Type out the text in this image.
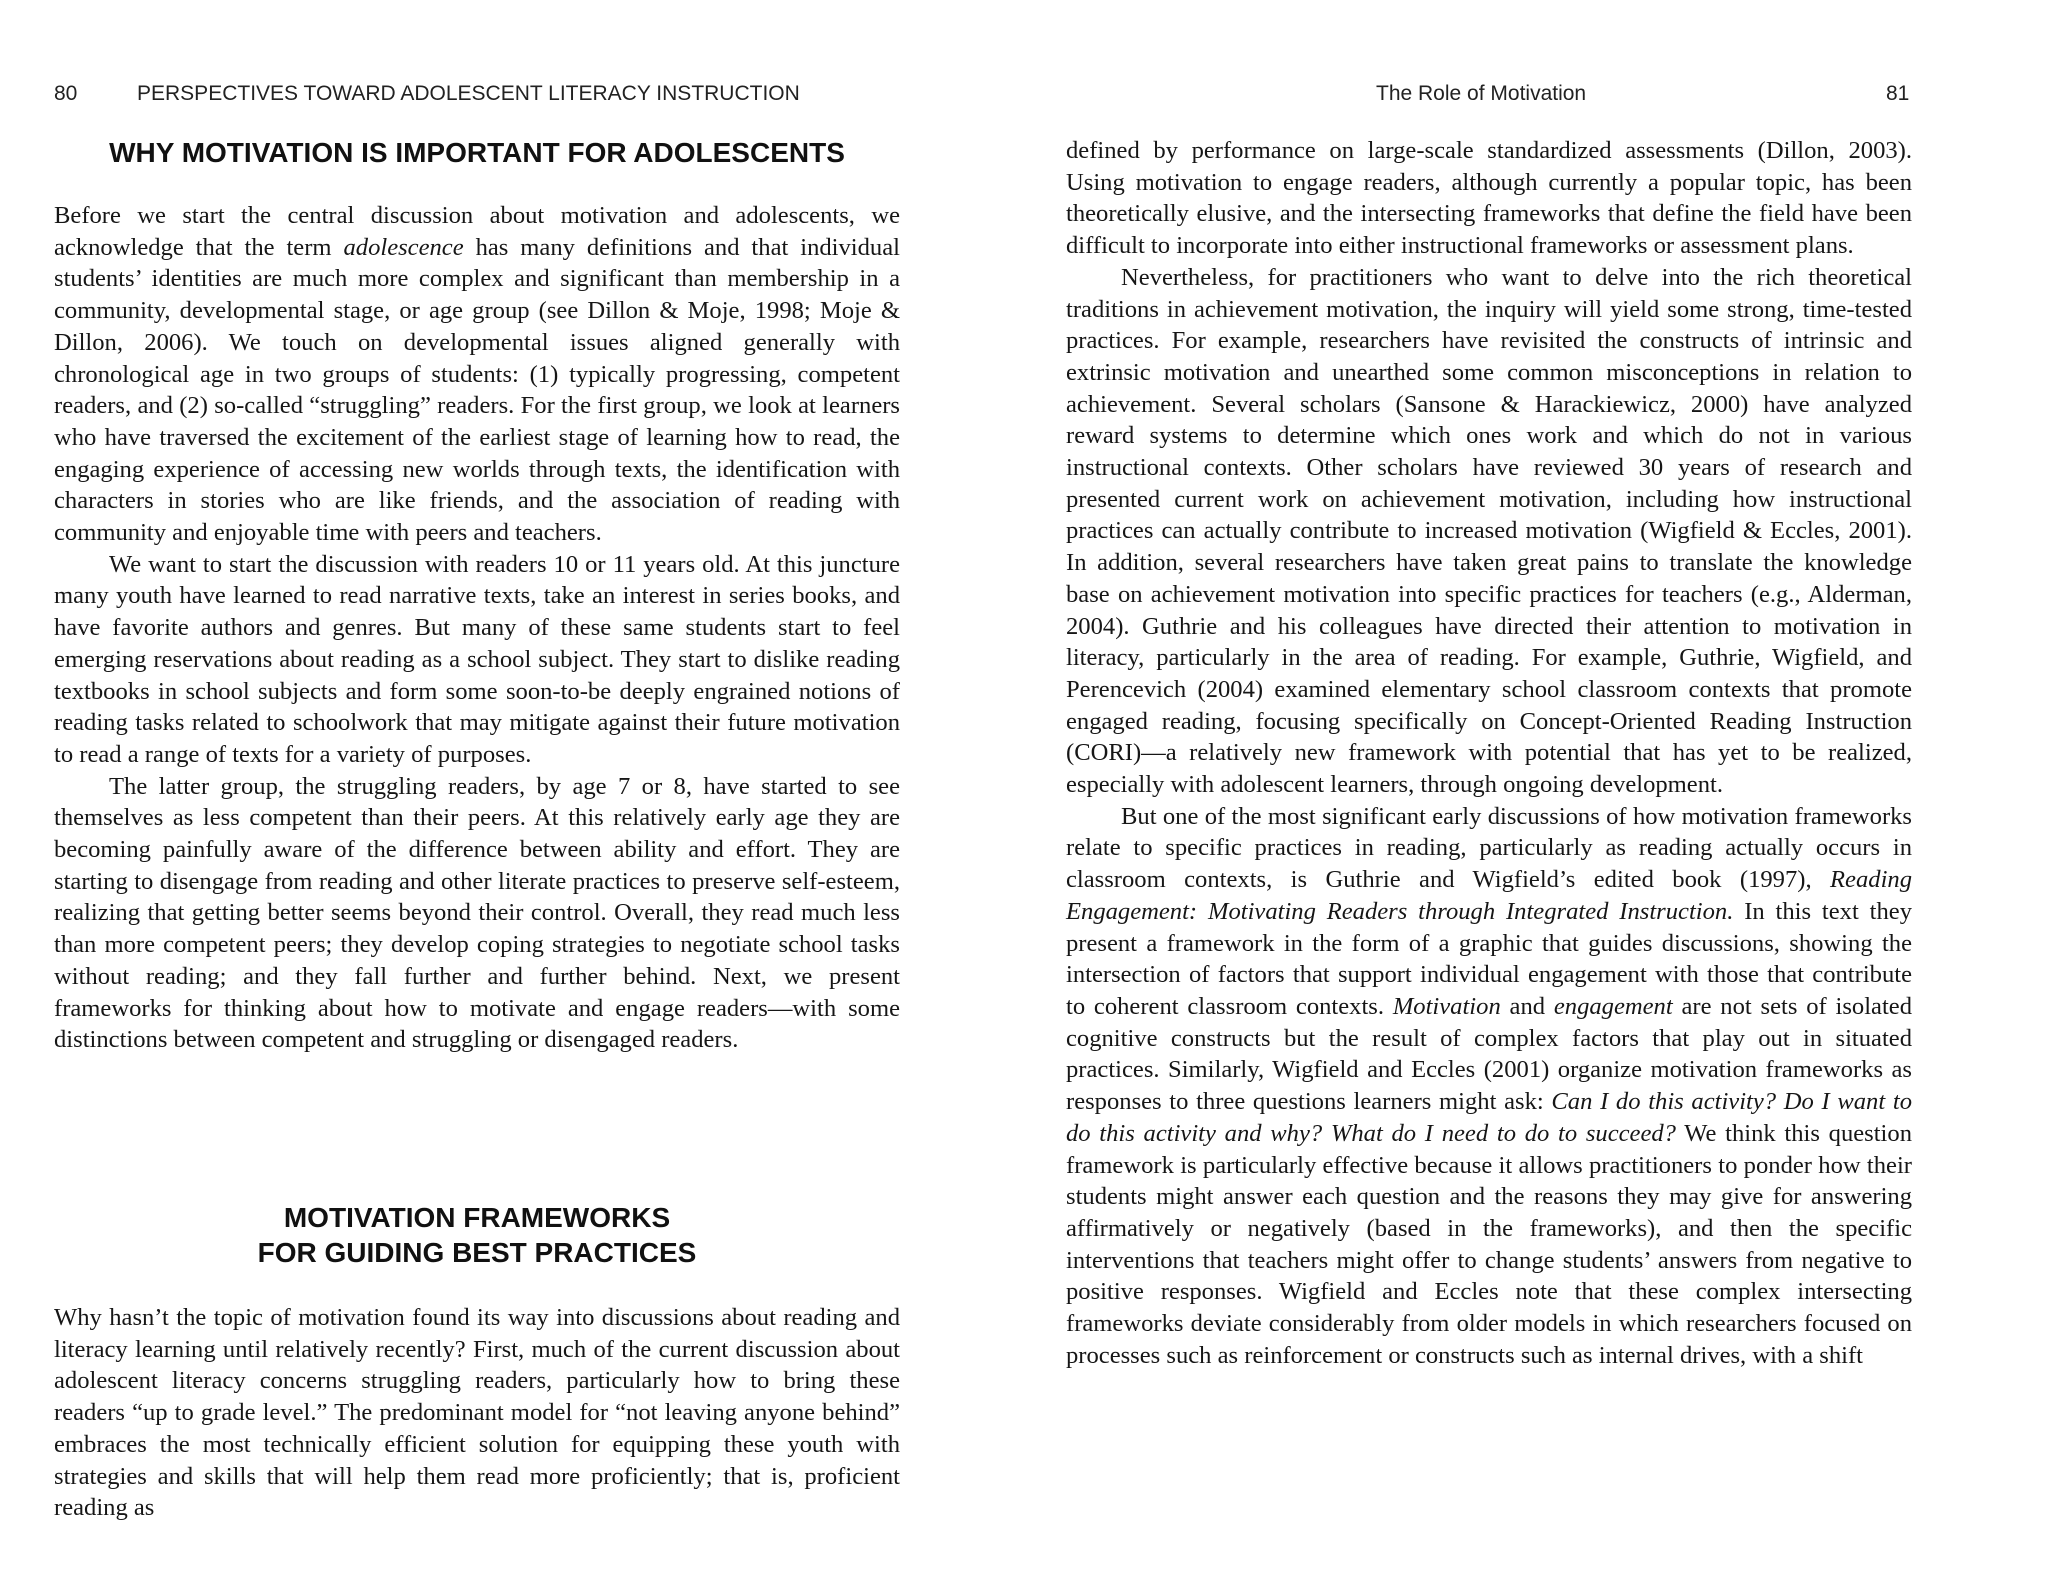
80	PERSPECTIVES TOWARD ADOLESCENT LITERACY INSTRUCTION
WHY MOTIVATION IS IMPORTANT FOR ADOLESCENTS

Before we start the central discussion about motivation and adolescents, we acknowledge that the term adolescence has many definitions and that individual students’ identities are much more complex and significant than membership in a community, developmental stage, or age group (see Dillon & Moje, 1998; Moje & Dillon, 2006). We touch on developmental issues aligned generally with chronological age in two groups of students: (1) typically progressing, competent readers, and (2) so-called “struggling” readers. For the first group, we look at learners who have traversed the excitement of the earliest stage of learning how to read, the engaging experience of accessing new worlds through texts, the identification with characters in stories who are like friends, and the association of reading with community and enjoyable time with peers and teachers.

We want to start the discussion with readers 10 or 11 years old. At this juncture many youth have learned to read narrative texts, take an interest in series books, and have favorite authors and genres. But many of these same students start to feel emerging reservations about reading as a school subject. They start to dislike reading textbooks in school subjects and form some soon-to-be deeply engrained notions of reading tasks related to schoolwork that may mitigate against their future motivation to read a range of texts for a variety of purposes.

The latter group, the struggling readers, by age 7 or 8, have started to see themselves as less competent than their peers. At this relatively early age they are becoming painfully aware of the difference between ability and effort. They are starting to disengage from reading and other literate practices to preserve self-esteem, realizing that getting better seems beyond their control. Overall, they read much less than more competent peers; they develop coping strategies to negotiate school tasks without reading; and they fall further and further behind. Next, we present frameworks for thinking about how to motivate and engage readers—with some distinctions between competent and struggling or disengaged readers.

MOTIVATION FRAMEWORKS
FOR GUIDING BEST PRACTICES

Why hasn’t the topic of motivation found its way into discussions about reading and literacy learning until relatively recently? First, much of the current discussion about adolescent literacy concerns struggling readers, particularly how to bring these readers “up to grade level.” The predominant model for “not leaving anyone behind” embraces the most technically efficient solution for equipping these youth with strategies and skills that will help them read more proficiently; that is, proficient reading as

The Role of Motivation	81

defined by performance on large-scale standardized assessments (Dillon, 2003). Using motivation to engage readers, although currently a popular topic, has been theoretically elusive, and the intersecting frameworks that define the field have been difficult to incorporate into either instructional frameworks or assessment plans.

Nevertheless, for practitioners who want to delve into the rich theoretical traditions in achievement motivation, the inquiry will yield some strong, time-tested practices. For example, researchers have revisited the constructs of intrinsic and extrinsic motivation and unearthed some common misconceptions in relation to achievement. Several scholars (Sansone & Harackiewicz, 2000) have analyzed reward systems to determine which ones work and which do not in various instructional contexts. Other scholars have reviewed 30 years of research and presented current work on achievement motivation, including how instructional practices can actually contribute to increased motivation (Wigfield & Eccles, 2001). In addition, several researchers have taken great pains to translate the knowledge base on achievement motivation into specific practices for teachers (e.g., Alderman, 2004). Guthrie and his colleagues have directed their attention to motivation in literacy, particularly in the area of reading. For example, Guthrie, Wigfield, and Perencevich (2004) examined elementary school classroom contexts that promote engaged reading, focusing specifically on Concept-Oriented Reading Instruction (CORI)—a relatively new framework with potential that has yet to be realized, especially with adolescent learners, through ongoing development.

But one of the most significant early discussions of how motivation frameworks relate to specific practices in reading, particularly as reading actually occurs in classroom contexts, is Guthrie and Wigfield’s edited book (1997), Reading Engagement: Motivating Readers through Integrated Instruction. In this text they present a framework in the form of a graphic that guides discussions, showing the intersection of factors that support individual engagement with those that contribute to coherent classroom contexts. Motivation and engagement are not sets of isolated cognitive constructs but the result of complex factors that play out in situated practices. Similarly, Wigfield and Eccles (2001) organize motivation frameworks as responses to three questions learners might ask: Can I do this activity? Do I want to do this activity and why? What do I need to do to succeed? We think this question framework is particularly effective because it allows practitioners to ponder how their students might answer each question and the reasons they may give for answering affirmatively or negatively (based in the frameworks), and then the specific interventions that teachers might offer to change students’ answers from negative to positive responses. Wigfield and Eccles note that these complex intersecting frameworks deviate considerably from older models in which researchers focused on processes such as reinforcement or constructs such as internal drives, with a shift
